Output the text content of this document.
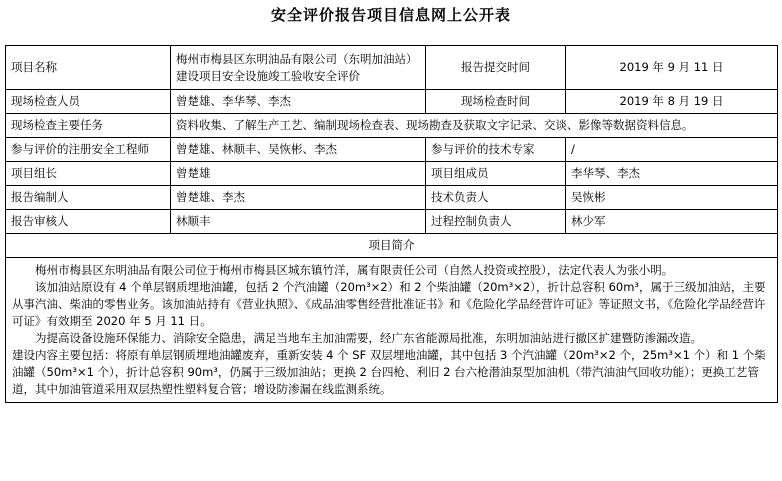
安全评价报告项目信息网上公开表
项目名称	梅州市梅县区东明油品有限公司（东明加油站）建设项目安全设施竣工验收安全评价	报告提交时间	2019 年 9 月 11 日
现场检查人员	曾楚雄、李华琴、李杰	现场检查时间	2019 年 8 月 19 日
现场检查主要任务	资料收集、了解生产工艺、编制现场检查表、现场勘查及获取文字记录、交谈、影像等数据资料信息。		
参与评价的注册安全工程师	曾楚雄、林顺丰、吴恢彬、李杰	参与评价的技术专家	/
项目组长	曾楚雄	项目组成员	李华琴、李杰
报告编制人	曾楚雄、李杰	技术负责人	吴恢彬
报告审核人	林顺丰	过程控制负责人	林少军
项目简介			

梅州市梅县区东明油品有限公司位于梅州市梅县区城东镇竹洋，属有限责任公司（自然人投资或控股），法定代表人为张小明。

该加油站原设有 4 个单层钢质埋地油罐，包括 2 个汽油罐（20m³×2）和 2 个柴油罐（20m³×2），折计总容积 60m³，属于三级加油站，主要从事汽油、柴油的零售业务。该加油站持有《营业执照》、《成品油零售经营批准证书》和《危险化学品经营许可证》等证照文书，《危险化学品经营许可证》有效期至 2020 年 5 月 11 日。

为提高设备设施环保能力、消除安全隐患，满足当地车主加油需要，经广东省能源局批准，东明加油站进行撤区扩建暨防渗漏改造。

建设内容主要包括：将原有单层钢质埋地油罐废弃，重新安装 4 个 SF 双层埋地油罐，其中包括 3 个汽油罐（20m³×2 个，25m³×1 个）和 1 个柴油罐（50m³×1 个），折计总容积 90m³，仍属于三级加油站；更换 2 台四枪、利旧 2 台六枪潜油泵型加油机（带汽油油气回收功能）；更换工艺管道，其中加油管道采用双层热塑性塑料复合管；增设防渗漏在线监测系统。			
